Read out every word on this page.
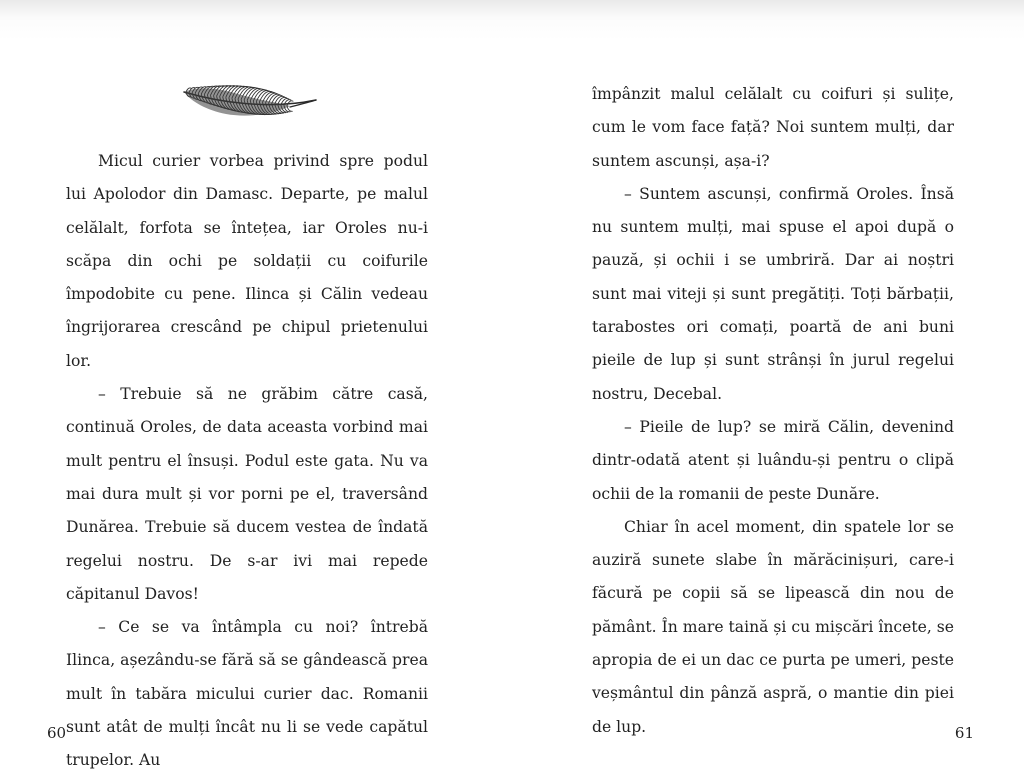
Micul curier vorbea privind spre podul lui Apolodor din Damasc. Departe, pe malul celălalt, forfota se întețea, iar Oroles nu-i scăpa din ochi pe soldații cu coifurile împodobite cu pene. Ilinca și Călin vedeau îngrijorarea crescând pe chipul prietenului lor.

– Trebuie să ne grăbim către casă, continuă Oroles, de data aceasta vorbind mai mult pentru el însuși. Podul este gata. Nu va mai dura mult și vor porni pe el, traversând Dunărea. Trebuie să ducem vestea de îndată regelui nostru. De s-ar ivi mai repede căpitanul Davos!

– Ce se va întâmpla cu noi? întrebă Ilinca, așezându-se fără să se gândească prea mult în tabăra micului curier dac. Romanii sunt atât de mulți încât nu li se vede capătul trupelor. Au

60

împânzit malul celălalt cu coifuri și sulițe, cum le vom face față? Noi suntem mulți, dar suntem ascunși, așa-i?

– Suntem ascunși, confirmă Oroles. Însă nu suntem mulți, mai spuse el apoi după o pauză, și ochii i se umbriră. Dar ai noștri sunt mai viteji și sunt pregătiți. Toți bărbații, tarabostes ori comați, poartă de ani buni pieile de lup și sunt strânși în jurul regelui nostru, Decebal.

– Pieile de lup? se miră Călin, devenind dintr-odată atent și luându-și pentru o clipă ochii de la romanii de peste Dunăre.

Chiar în acel moment, din spatele lor se auziră sunete slabe în mărăcinișuri, care-i făcură pe copii să se lipească din nou de pământ. În mare taină și cu mișcări încete, se apropia de ei un dac ce purta pe umeri, peste veșmântul din pânză aspră, o mantie din piei de lup.	61
